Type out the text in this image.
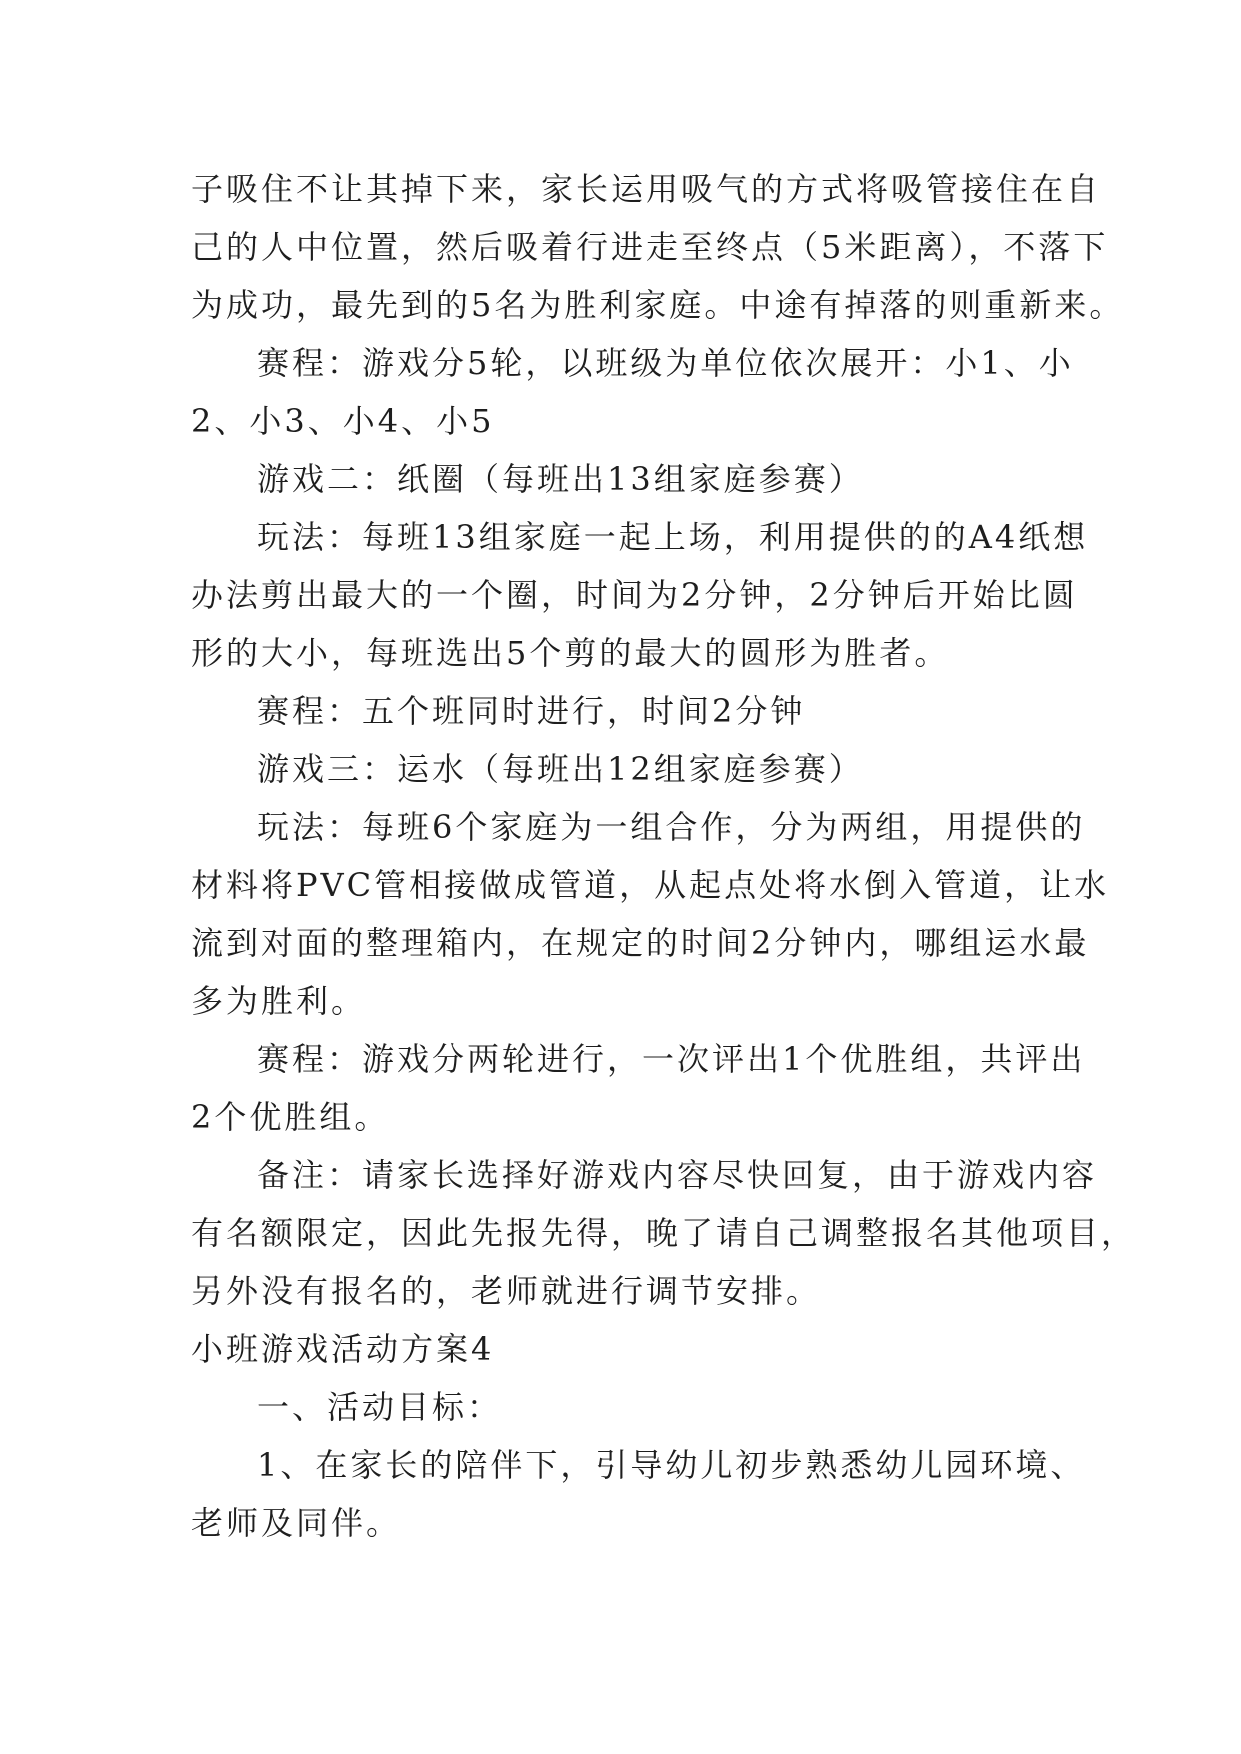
子吸住不让其掉下来，家长运用吸气的方式将吸管接住在自
己的人中位置，然后吸着行进走至终点（5米距离），不落下
为成功，最先到的5名为胜利家庭。中途有掉落的则重新来。
赛程：游戏分5轮，以班级为单位依次展开：小1、小
2、小3、小4、小5
游戏二：纸圈（每班出13组家庭参赛）
玩法：每班13组家庭一起上场，利用提供的的A4纸想
办法剪出最大的一个圈，时间为2分钟，2分钟后开始比圆
形的大小，每班选出5个剪的最大的圆形为胜者。
赛程：五个班同时进行，时间2分钟
游戏三：运水（每班出12组家庭参赛）
玩法：每班6个家庭为一组合作，分为两组，用提供的
材料将PVC管相接做成管道，从起点处将水倒入管道，让水
流到对面的整理箱内，在规定的时间2分钟内，哪组运水最
多为胜利。
赛程：游戏分两轮进行，一次评出1个优胜组，共评出
2个优胜组。
备注：请家长选择好游戏内容尽快回复，由于游戏内容
有名额限定，因此先报先得，晚了请自己调整报名其他项目，
另外没有报名的，老师就进行调节安排。
小班游戏活动方案4
一、活动目标：
1、在家长的陪伴下，引导幼儿初步熟悉幼儿园环境、
老师及同伴。
